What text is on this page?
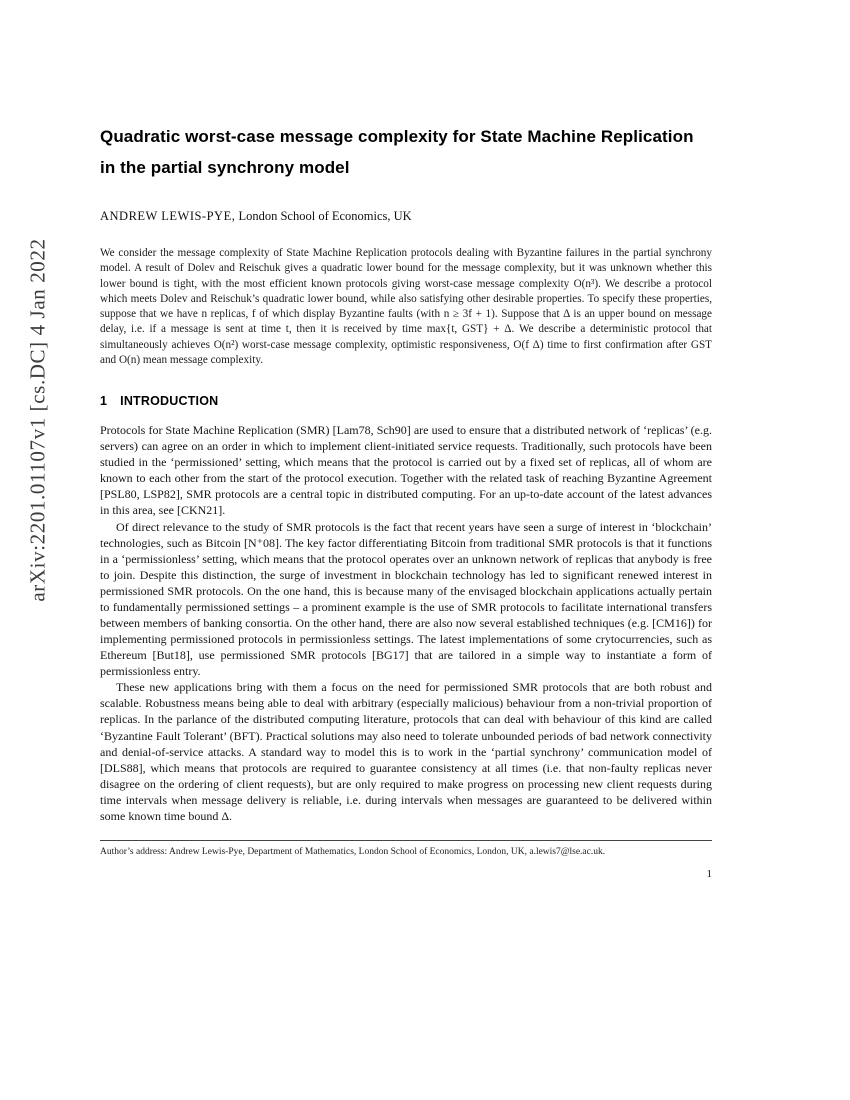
arXiv:2201.01107v1 [cs.DC] 4 Jan 2022
Quadratic worst-case message complexity for State Machine Replication in the partial synchrony model
ANDREW LEWIS-PYE, London School of Economics, UK

We consider the message complexity of State Machine Replication protocols dealing with Byzantine failures in the partial synchrony model. A result of Dolev and Reischuk gives a quadratic lower bound for the message complexity, but it was unknown whether this lower bound is tight, with the most efficient known protocols giving worst-case message complexity O(n³). We describe a protocol which meets Dolev and Reischuk’s quadratic lower bound, while also satisfying other desirable properties. To specify these properties, suppose that we have n replicas, f of which display Byzantine faults (with n ≥ 3f + 1). Suppose that Δ is an upper bound on message delay, i.e. if a message is sent at time t, then it is received by time max{t, GST} + Δ. We describe a deterministic protocol that simultaneously achieves O(n²) worst-case message complexity, optimistic responsiveness, O(f Δ) time to first confirmation after GST and O(n) mean message complexity.

1 INTRODUCTION

Protocols for State Machine Replication (SMR) [Lam78, Sch90] are used to ensure that a distributed network of ‘replicas’ (e.g. servers) can agree on an order in which to implement client-initiated service requests. Traditionally, such protocols have been studied in the ‘permissioned’ setting, which means that the protocol is carried out by a fixed set of replicas, all of whom are known to each other from the start of the protocol execution. Together with the related task of reaching Byzantine Agreement [PSL80, LSP82], SMR protocols are a central topic in distributed computing. For an up-to-date account of the latest advances in this area, see [CKN21].

Of direct relevance to the study of SMR protocols is the fact that recent years have seen a surge of interest in ‘blockchain’ technologies, such as Bitcoin [N⁺08]. The key factor differentiating Bitcoin from traditional SMR protocols is that it functions in a ‘permissionless’ setting, which means that the protocol operates over an unknown network of replicas that anybody is free to join. Despite this distinction, the surge of investment in blockchain technology has led to significant renewed interest in permissioned SMR protocols. On the one hand, this is because many of the envisaged blockchain applications actually pertain to fundamentally permissioned settings – a prominent example is the use of SMR protocols to facilitate international transfers between members of banking consortia. On the other hand, there are also now several established techniques (e.g. [CM16]) for implementing permissioned protocols in permissionless settings. The latest implementations of some crytocurrencies, such as Ethereum [But18], use permissioned SMR protocols [BG17] that are tailored in a simple way to instantiate a form of permissionless entry.

These new applications bring with them a focus on the need for permissioned SMR protocols that are both robust and scalable. Robustness means being able to deal with arbitrary (especially malicious) behaviour from a non-trivial proportion of replicas. In the parlance of the distributed computing literature, protocols that can deal with behaviour of this kind are called ‘Byzantine Fault Tolerant’ (BFT). Practical solutions may also need to tolerate unbounded periods of bad network connectivity and denial-of-service attacks. A standard way to model this is to work in the ‘partial synchrony’ communication model of [DLS88], which means that protocols are required to guarantee consistency at all times (i.e. that non-faulty replicas never disagree on the ordering of client requests), but are only required to make progress on processing new client requests during time intervals when message delivery is reliable, i.e. during intervals when messages are guaranteed to be delivered within some known time bound Δ.

Author’s address: Andrew Lewis-Pye, Department of Mathematics, London School of Economics, London, UK, a.lewis7@lse.ac.uk.

1
